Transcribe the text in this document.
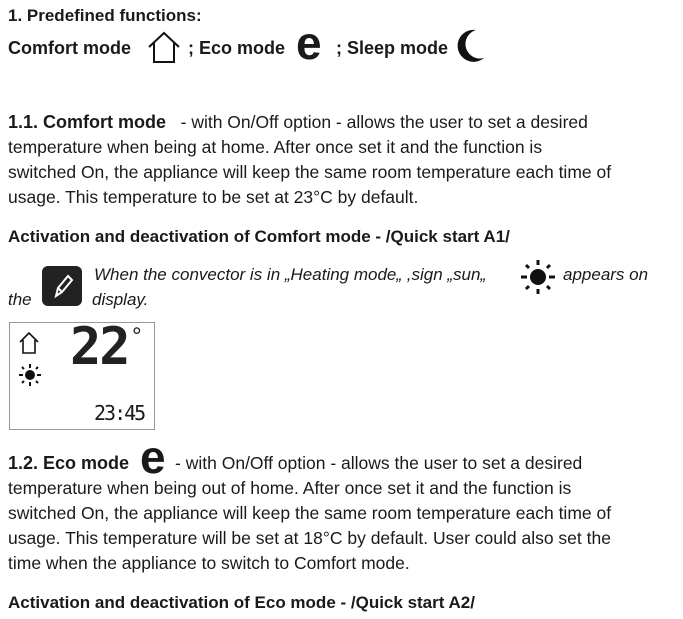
1. Predefined functions:
Comfort mode	; Eco mode e ; Sleep mode
1.1. Comfort mode   - with On/Off option - allows the user to set a desired
temperature when being at home. After once set it and the function is
switched On, the appliance will keep the same room temperature each time of
usage. This temperature to be set at 23°C by default.
Activation and deactivation of Comfort mode - /Quick start A1/
When the convector is in „Heating mode„ ,sign „sun„	appears on
the	display.
22 °
23:45
e
1.2. Eco mode	- with On/Off option - allows the user to set a desired
temperature when being out of home. After once set it and the function is
switched On, the appliance will keep the same room temperature each time of
usage. This temperature will be set at 18°C by default. User could also set the
time when the appliance to switch to Comfort mode.
Activation and deactivation of Eco mode - /Quick start A2/
